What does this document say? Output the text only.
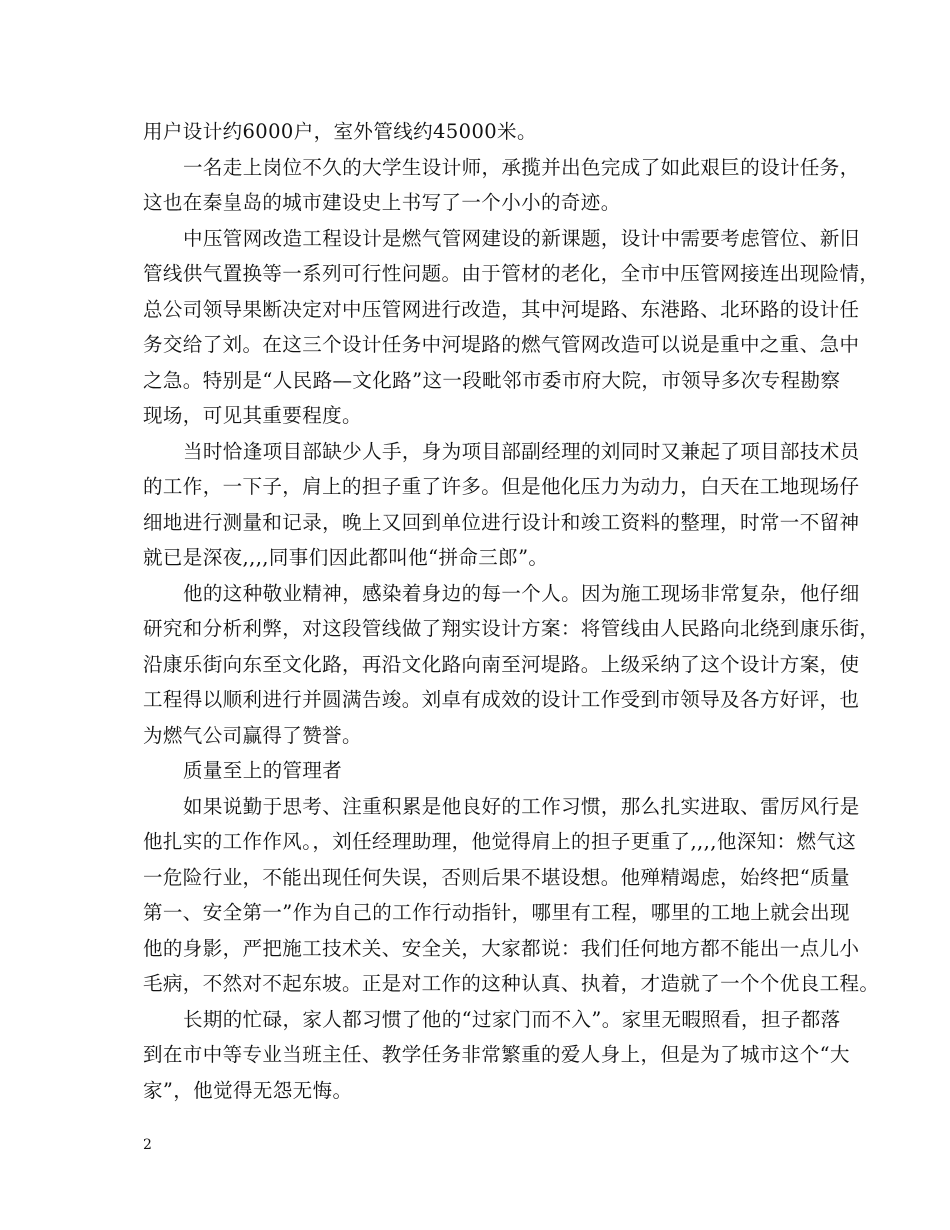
用户设计约6000户，室外管线约45000米。
一名走上岗位不久的大学生设计师，承揽并出色完成了如此艰巨的设计任务，
这也在秦皇岛的城市建设史上书写了一个小小的奇迹。
中压管网改造工程设计是燃气管网建设的新课题，设计中需要考虑管位、新旧
管线供气置换等一系列可行性问题。由于管材的老化，全市中压管网接连出现险情，
总公司领导果断决定对中压管网进行改造，其中河堤路、东港路、北环路的设计任
务交给了刘。在这三个设计任务中河堤路的燃气管网改造可以说是重中之重、急中
之急。特别是“人民路—文化路”这一段毗邻市委市府大院，市领导多次专程勘察
现场，可见其重要程度。
当时恰逢项目部缺少人手，身为项目部副经理的刘同时又兼起了项目部技术员
的工作，一下子，肩上的担子重了许多。但是他化压力为动力，白天在工地现场仔
细地进行测量和记录，晚上又回到单位进行设计和竣工资料的整理，时常一不留神
就已是深夜,,,,同事们因此都叫他“拼命三郎”。
他的这种敬业精神，感染着身边的每一个人。因为施工现场非常复杂，他仔细
研究和分析利弊，对这段管线做了翔实设计方案：将管线由人民路向北绕到康乐街，
沿康乐街向东至文化路，再沿文化路向南至河堤路。上级采纳了这个设计方案，使
工程得以顺利进行并圆满告竣。刘卓有成效的设计工作受到市领导及各方好评，也
为燃气公司赢得了赞誉。
质量至上的管理者
如果说勤于思考、注重积累是他良好的工作习惯，那么扎实进取、雷厉风行是
他扎实的工作作风。，刘任经理助理，他觉得肩上的担子更重了,,,,他深知：燃气这
一危险行业，不能出现任何失误，否则后果不堪设想。他殚精竭虑，始终把“质量
第一、安全第一”作为自己的工作行动指针，哪里有工程，哪里的工地上就会出现
他的身影，严把施工技术关、安全关，大家都说：我们任何地方都不能出一点儿小
毛病，不然对不起东坡。正是对工作的这种认真、执着，才造就了一个个优良工程。
长期的忙碌，家人都习惯了他的“过家门而不入”。家里无暇照看，担子都落
到在市中等专业当班主任、教学任务非常繁重的爱人身上，但是为了城市这个“大
家”，他觉得无怨无悔。
2
